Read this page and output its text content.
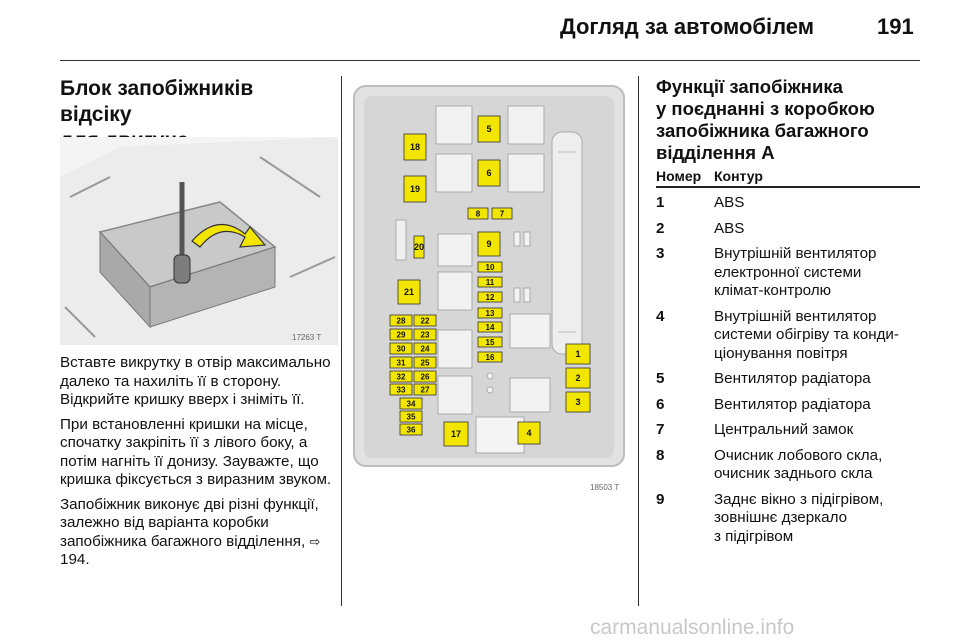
Догляд за автомобілем	191
Блок запобіжників відсіку
17263 T

Вставте викрутку в отвір максимально далеко та нахиліть її в сторону. Відкрийте кришку вверх і зніміть її.

При встановленні кришки на місце, спочатку закріпіть її з лівого боку, а потім нагніть її донизу. Зауважте, що кришка фіксується з виразним звуком.

Запобіжник виконує дві різні функції, залежно від варіанта коробки запобіжника багажного відділення, ⇨ 194.

18503 T
1
2
3
4
5
6
7
8
9
10
11
12
13
14
15
16
17
18
19
20
21
22
23
24
25
26
27
28
29
30
31
32
33
34
35
36
Функції запобіжника
у поєднанні з коробкою
запобіжника багажного
відділення A
Номер Контур
1	ABS
2	ABS
3	Внутрішній вентилятор
електронної системи
клімат-контролю
4	Внутрішній вентилятор
системи обігріву та конди-
ціонування повітря
5	Вентилятор радіатора
6	Вентилятор радіатора
7	Центральний замок
8	Очисник лобового скла,
очисник заднього скла
9	Заднє вікно з підігрівом,
зовнішнє дзеркало
з підігрівом
carmanualsonline.info
